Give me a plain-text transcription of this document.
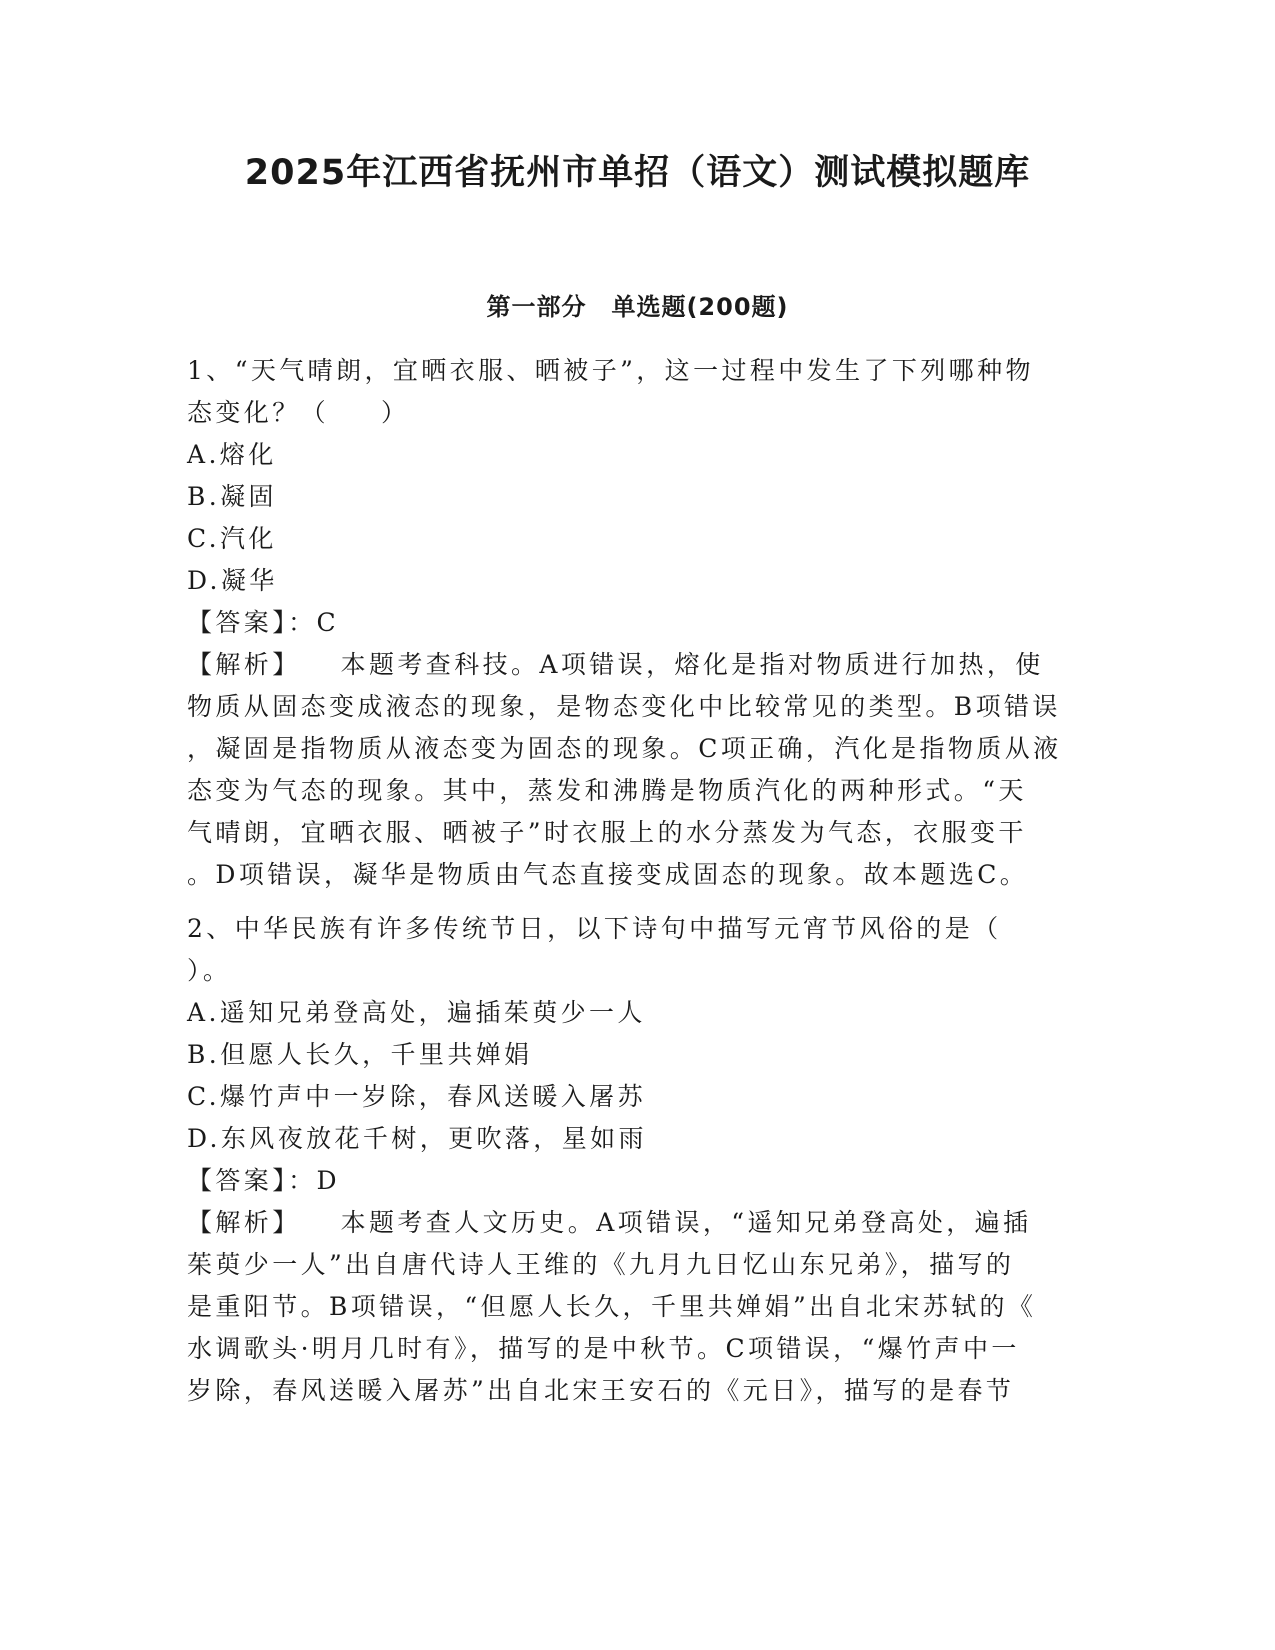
2025年江西省抚州市单招（语文）测试模拟题库
第一部分　单选题(200题)

1、“天气晴朗，宜晒衣服、晒被子”，这一过程中发生了下列哪种物

态变化？（ ）

A.熔化

B.凝固

C.汽化

D.凝华

【答案】：C

【解析】 本题考查科技。A项错误，熔化是指对物质进行加热，使

物质从固态变成液态的现象，是物态变化中比较常见的类型。B项错误

，凝固是指物质从液态变为固态的现象。C项正确，汽化是指物质从液

态变为气态的现象。其中，蒸发和沸腾是物质汽化的两种形式。“天

气晴朗，宜晒衣服、晒被子”时衣服上的水分蒸发为气态，衣服变干

。D项错误，凝华是物质由气态直接变成固态的现象。故本题选C。

2、中华民族有许多传统节日，以下诗句中描写元宵节风俗的是（

）。

A.遥知兄弟登高处，遍插茱萸少一人

B.但愿人长久，千里共婵娟

C.爆竹声中一岁除，春风送暖入屠苏

D.东风夜放花千树，更吹落，星如雨

【答案】：D

【解析】 本题考查人文历史。A项错误，“遥知兄弟登高处，遍插

茱萸少一人”出自唐代诗人王维的《九月九日忆山东兄弟》，描写的

是重阳节。B项错误，“但愿人长久，千里共婵娟”出自北宋苏轼的《

水调歌头·明月几时有》，描写的是中秋节。C项错误，“爆竹声中一

岁除，春风送暖入屠苏”出自北宋王安石的《元日》，描写的是春节
